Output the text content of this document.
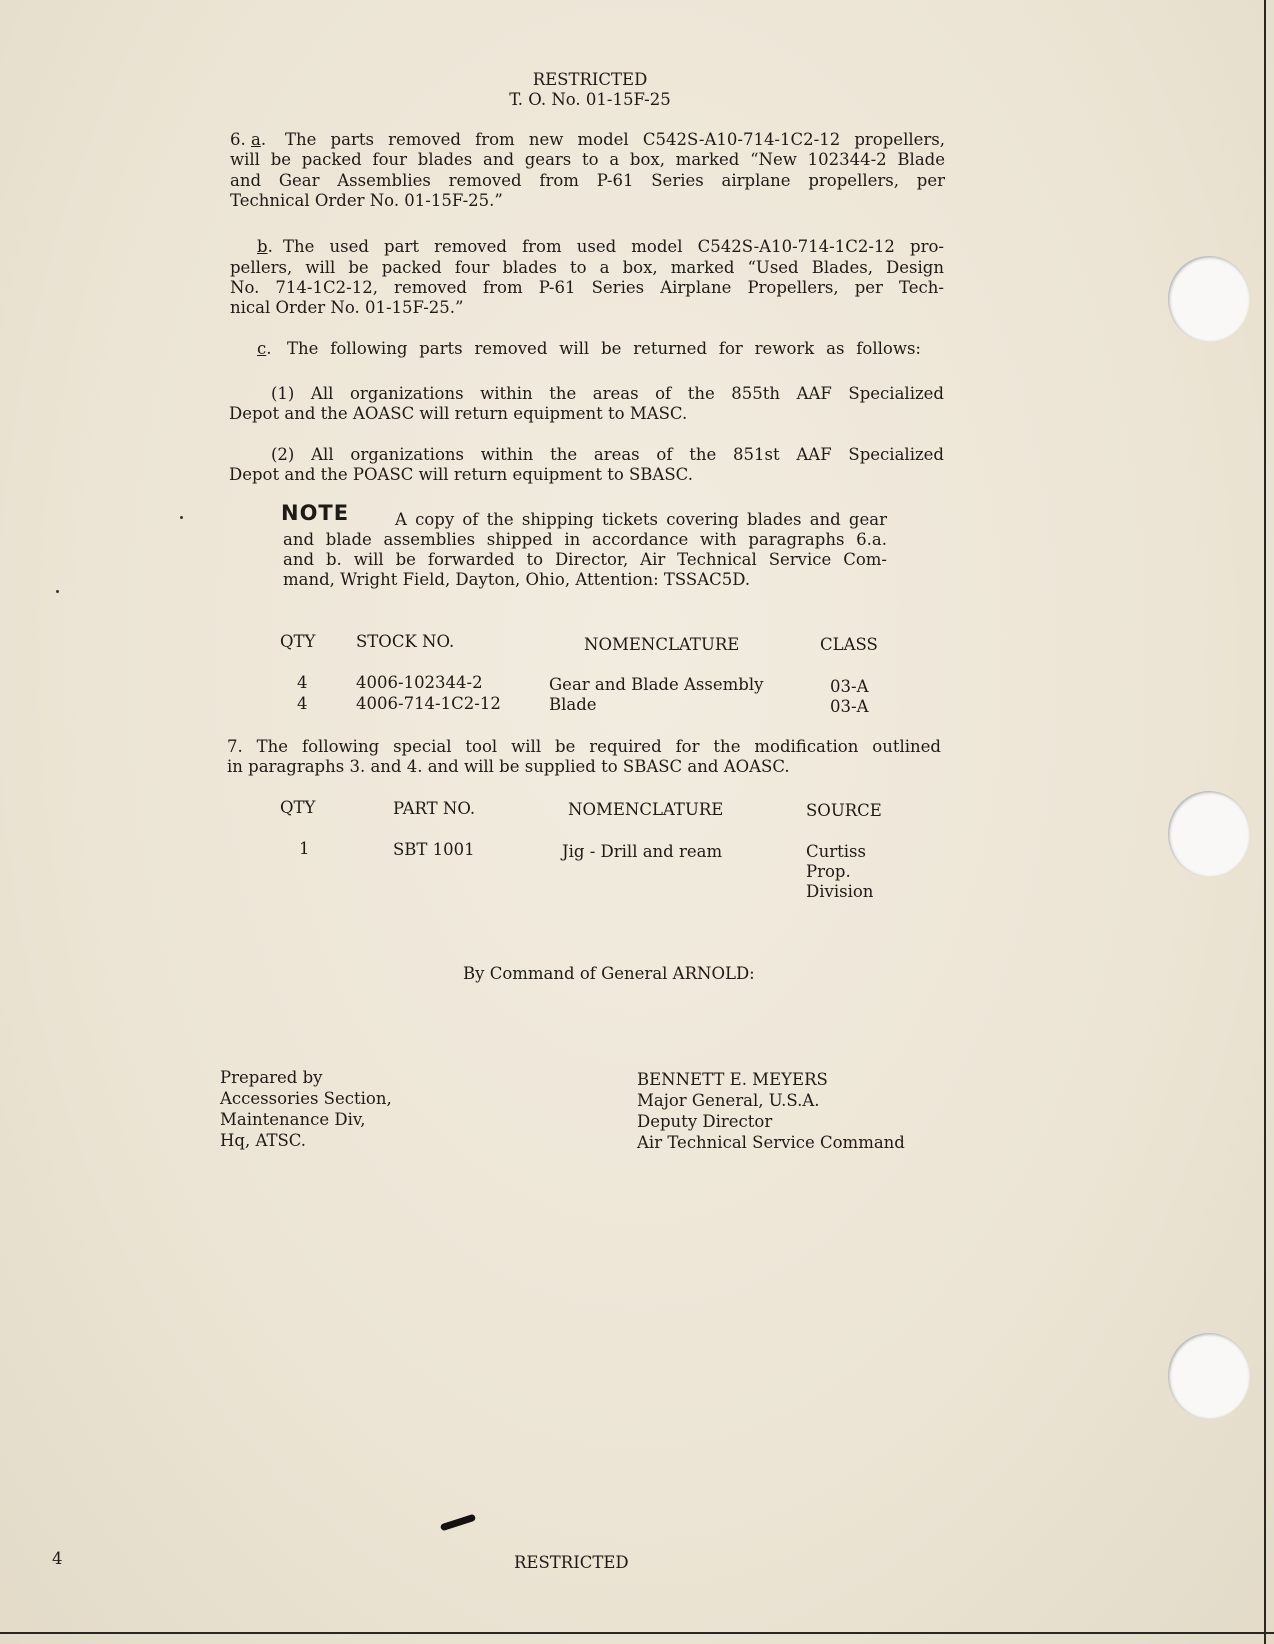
RESTRICTED
T. O. No. 01-15F-25
6. a. The parts removed from new model C542S-A10-714-1C2-12 propellers,
will be packed four blades and gears to a box, marked “New 102344-2 Blade
and Gear Assemblies removed from P-61 Series airplane propellers, per
Technical Order No. 01-15F-25.”
b. The used part removed from used model C542S-A10-714-1C2-12 pro-
pellers, will be packed four blades to a box, marked “Used Blades, Design
No. 714-1C2-12, removed from P-61 Series Airplane Propellers, per Tech-
nical Order No. 01-15F-25.”
c. The following parts removed will be returned for rework as follows:
(1) All organizations within the areas of the 855th AAF Specialized
Depot and the AOASC will return equipment to MASC.
(2) All organizations within the areas of the 851st AAF Specialized
Depot and the POASC will return equipment to SBASC.
NOTE	A copy of the shipping tickets covering blades and gear
and blade assemblies shipped in accordance with paragraphs 6.a.
and b. will be forwarded to Director, Air Technical Service Com-
mand, Wright Field, Dayton, Ohio, Attention: TSSAC5D.
QTY STOCK NO.	NOMENCLATURE	CLASS
4	4006-102344-2	Gear and Blade Assembly	03-A
4	4006-714-1C2-12	Blade	03-A
7. The following special tool will be required for the modification outlined
in paragraphs 3. and 4. and will be supplied to SBASC and AOASC.
QTY	PART NO.	NOMENCLATURE	SOURCE
1	SBT 1001	Jig - Drill and ream	Curtiss
Prop.
Division
By Command of General ARNOLD:
Prepared by
Accessories Section,
Maintenance Div,
Hq, ATSC.
BENNETT E. MEYERS
Major General, U.S.A.
Deputy Director
Air Technical Service Command
4	RESTRICTED
